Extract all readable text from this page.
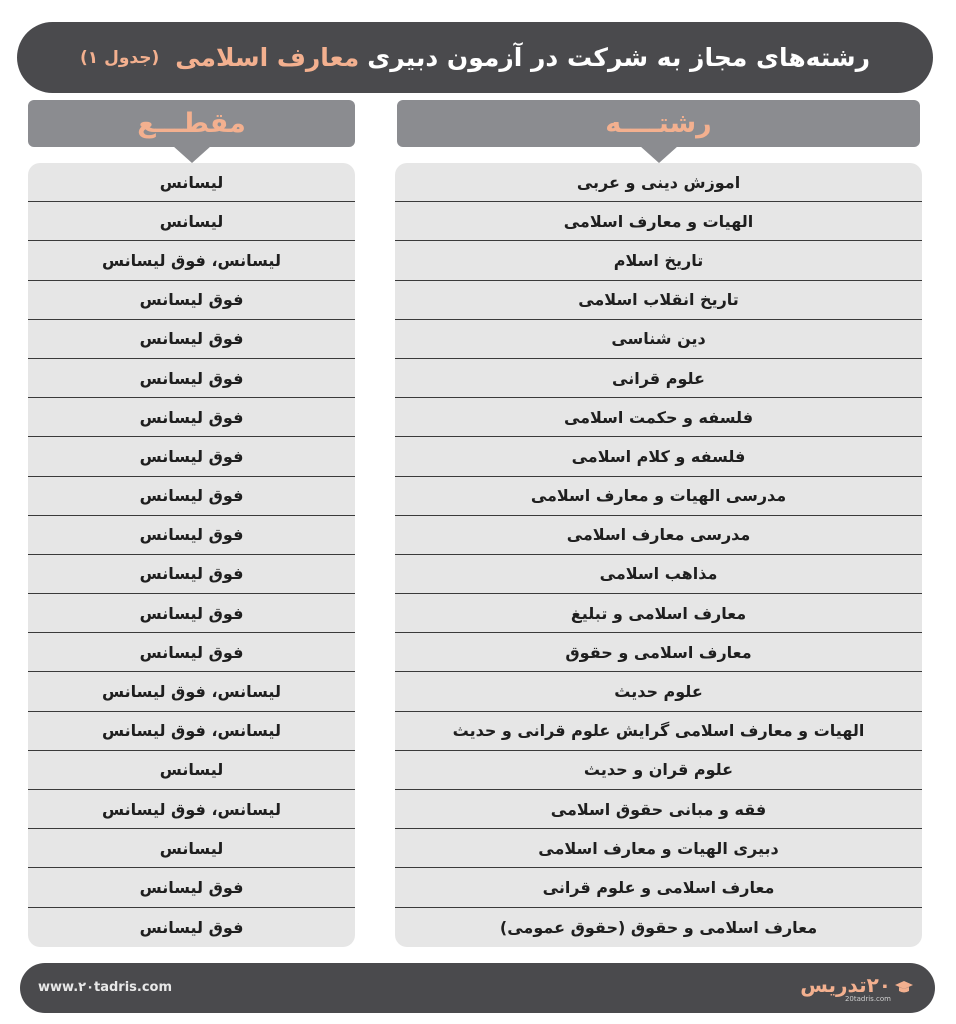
رشته‌های مجاز به شرکت در آزمون دبیری
معارف اسلامی
(جدول ۱)
رشتــــه
مقطـــع
اموزش دینی و عربی
الهیات و معارف اسلامی
تاریخ اسلام
تاریخ انقلاب اسلامی
دین شناسی
علوم قرانی
فلسفه و حکمت اسلامی
فلسفه و کلام اسلامی
مدرسی الهیات و معارف اسلامی
مدرسی معارف اسلامی
مذاهب اسلامی
معارف اسلامی و تبلیغ
معارف اسلامی و حقوق
علوم حدیث
الهیات و معارف اسلامی گرایش علوم قرانی و حدیث
علوم قران و حدیث
فقه و مبانی حقوق اسلامی
دبیری الهیات و معارف اسلامی
معارف اسلامی و علوم قرانی
معارف اسلامی و حقوق (حقوق عمومی)
لیسانس
لیسانس
لیسانس، فوق لیسانس
فوق لیسانس
فوق لیسانس
فوق لیسانس
فوق لیسانس
فوق لیسانس
فوق لیسانس
فوق لیسانس
فوق لیسانس
فوق لیسانس
فوق لیسانس
لیسانس، فوق لیسانس
لیسانس، فوق لیسانس
لیسانس
لیسانس، فوق لیسانس
لیسانس
فوق لیسانس
فوق لیسانس
www.۲۰tadris.com	۲۰تدریس
20tadris.com
